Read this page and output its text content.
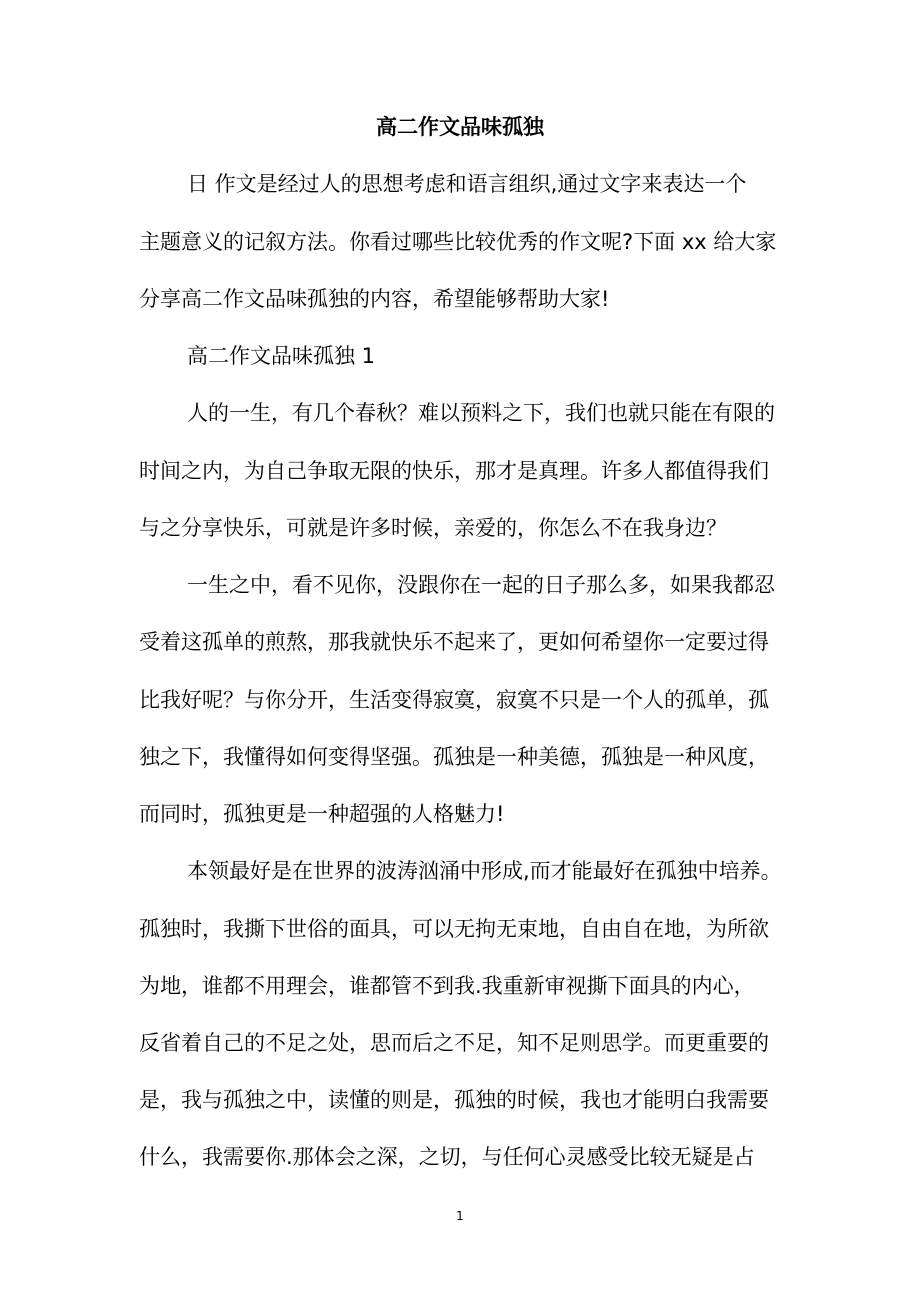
高二作文品味孤独

日 作文是经过人的思想考虑和语言组织,通过文字来表达一个

主题意义的记叙方法。你看过哪些比较优秀的作文呢?下面 xx 给大家

分享高二作文品味孤独的内容，希望能够帮助大家!

高二作文品味孤独 1

人的一生，有几个春秋？难以预料之下，我们也就只能在有限的

时间之内，为自己争取无限的快乐，那才是真理。许多人都值得我们

与之分享快乐，可就是许多时候，亲爱的，你怎么不在我身边？

一生之中，看不见你，没跟你在一起的日子那么多，如果我都忍

受着这孤单的煎熬，那我就快乐不起来了，更如何希望你一定要过得

比我好呢？与你分开，生活变得寂寞，寂寞不只是一个人的孤单，孤

独之下，我懂得如何变得坚强。孤独是一种美德，孤独是一种风度，

而同时，孤独更是一种超强的人格魅力!

本领最好是在世界的波涛汹涌中形成,而才能最好在孤独中培养。

孤独时，我撕下世俗的面具，可以无拘无束地，自由自在地，为所欲

为地，谁都不用理会，谁都管不到我.我重新审视撕下面具的内心，

反省着自己的不足之处，思而后之不足，知不足则思学。而更重要的

是，我与孤独之中，读懂的则是，孤独的时候，我也才能明白我需要

什么，我需要你.那体会之深，之切，与任何心灵感受比较无疑是占

1
